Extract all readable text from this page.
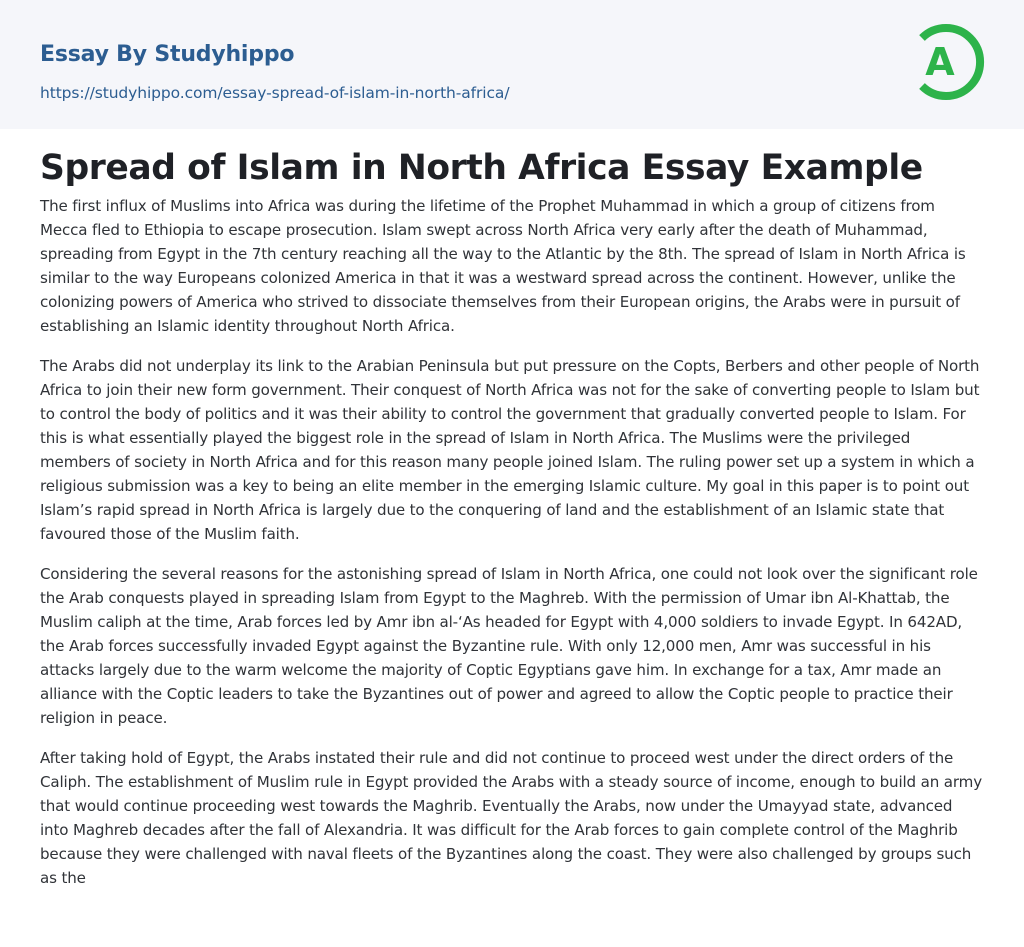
Essay By Studyhippo
https://studyhippo.com/essay-spread-of-islam-in-north-africa/
A
Spread of Islam in North Africa Essay Example

The first influx of Muslims into Africa was during the lifetime of the Prophet Muhammad in which a group of citizens from Mecca fled to Ethiopia to escape prosecution. Islam swept across North Africa very early after the death of Muhammad, spreading from Egypt in the 7th century reaching all the way to the Atlantic by the 8th. The spread of Islam in North Africa is similar to the way Europeans colonized America in that it was a westward spread across the continent. However, unlike the colonizing powers of America who strived to dissociate themselves from their European origins, the Arabs were in pursuit of establishing an Islamic identity throughout North Africa.

The Arabs did not underplay its link to the Arabian Peninsula but put pressure on the Copts, Berbers and other people of North Africa to join their new form government. Their conquest of North Africa was not for the sake of converting people to Islam but to control the body of politics and it was their ability to control the government that gradually converted people to Islam. For this is what essentially played the biggest role in the spread of Islam in North Africa. The Muslims were the privileged members of society in North Africa and for this reason many people joined Islam. The ruling power set up a system in which a religious submission was a key to being an elite member in the emerging Islamic culture. My goal in this paper is to point out Islam’s rapid spread in North Africa is largely due to the conquering of land and the establishment of an Islamic state that favoured those of the Muslim faith.

Considering the several reasons for the astonishing spread of Islam in North Africa, one could not look over the significant role the Arab conquests played in spreading Islam from Egypt to the Maghreb. With the permission of Umar ibn Al-Khattab, the Muslim caliph at the time, Arab forces led by Amr ibn al-‘As headed for Egypt with 4,000 soldiers to invade Egypt. In 642AD, the Arab forces successfully invaded Egypt against the Byzantine rule. With only 12,000 men, Amr was successful in his attacks largely due to the warm welcome the majority of Coptic Egyptians gave him. In exchange for a tax, Amr made an alliance with the Coptic leaders to take the Byzantines out of power and agreed to allow the Coptic people to practice their religion in peace.

After taking hold of Egypt, the Arabs instated their rule and did not continue to proceed west under the direct orders of the Caliph. The establishment of Muslim rule in Egypt provided the Arabs with a steady source of income, enough to build an army that would continue proceeding west towards the Maghrib. Eventually the Arabs, now under the Umayyad state, advanced into Maghreb decades after the fall of Alexandria. It was difficult for the Arab forces to gain complete control of the Maghrib because they were challenged with naval fleets of the Byzantines along the coast. They were also challenged by groups such as the
